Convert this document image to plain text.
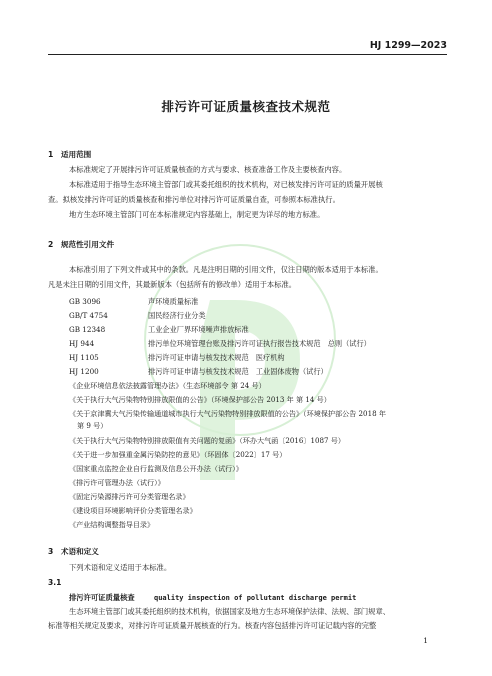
HJ 1299—2023
排污许可证质量核查技术规范
1　适用范围
本标准规定了开展排污许可证质量核查的方式与要求、核查准备工作及主要核查内容。
本标准适用于指导生态环境主管部门或其委托组织的技术机构，对已核发排污许可证的质量开展核
查。拟核发排污许可证的质量核查和排污单位对排污许可证质量自查，可参照本标准执行。
地方生态环境主管部门可在本标准规定内容基础上，制定更为详尽的地方标准。
2　规范性引用文件
本标准引用了下列文件或其中的条款。凡是注明日期的引用文件，仅注日期的版本适用于本标准。
凡是未注日期的引用文件，其最新版本（包括所有的修改单）适用于本标准。
GB 3096	声环境质量标准
GB/T 4754	国民经济行业分类
GB 12348	工业企业厂界环境噪声排放标准
HJ 944	排污单位环境管理台账及排污许可证执行报告技术规范　总则（试行）
HJ 1105	排污许可证申请与核发技术规范　医疗机构
HJ 1200	排污许可证申请与核发技术规范　工业固体废物（试行）
《企业环境信息依法披露管理办法》（生态环境部令 第 24 号）
《关于执行大气污染物特别排放限值的公告》（环境保护部公告 2013 年 第 14 号）
《关于京津冀大气污染传输通道城市执行大气污染物特别排放限值的公告》（环境保护部公告 2018 年
第 9 号）
《关于执行大气污染物特别排放限值有关问题的复函》（环办大气函〔2016〕1087 号）
《关于进一步加强重金属污染防控的意见》（环固体〔2022〕17 号）
《国家重点监控企业自行监测及信息公开办法（试行）》
《排污许可管理办法（试行）》
《固定污染源排污许可分类管理名录》
《建设项目环境影响评价分类管理名录》
《产业结构调整指导目录》
3　术语和定义
下列术语和定义适用于本标准。
3.1
排污许可证质量核查	quality inspection of pollutant discharge permit
生态环境主管部门或其委托组织的技术机构，依据国家及地方生态环境保护法律、法规、部门规章、
标准等相关规定及要求，对排污许可证质量开展核查的行为。核查内容包括排污许可证记载内容的完整
1
